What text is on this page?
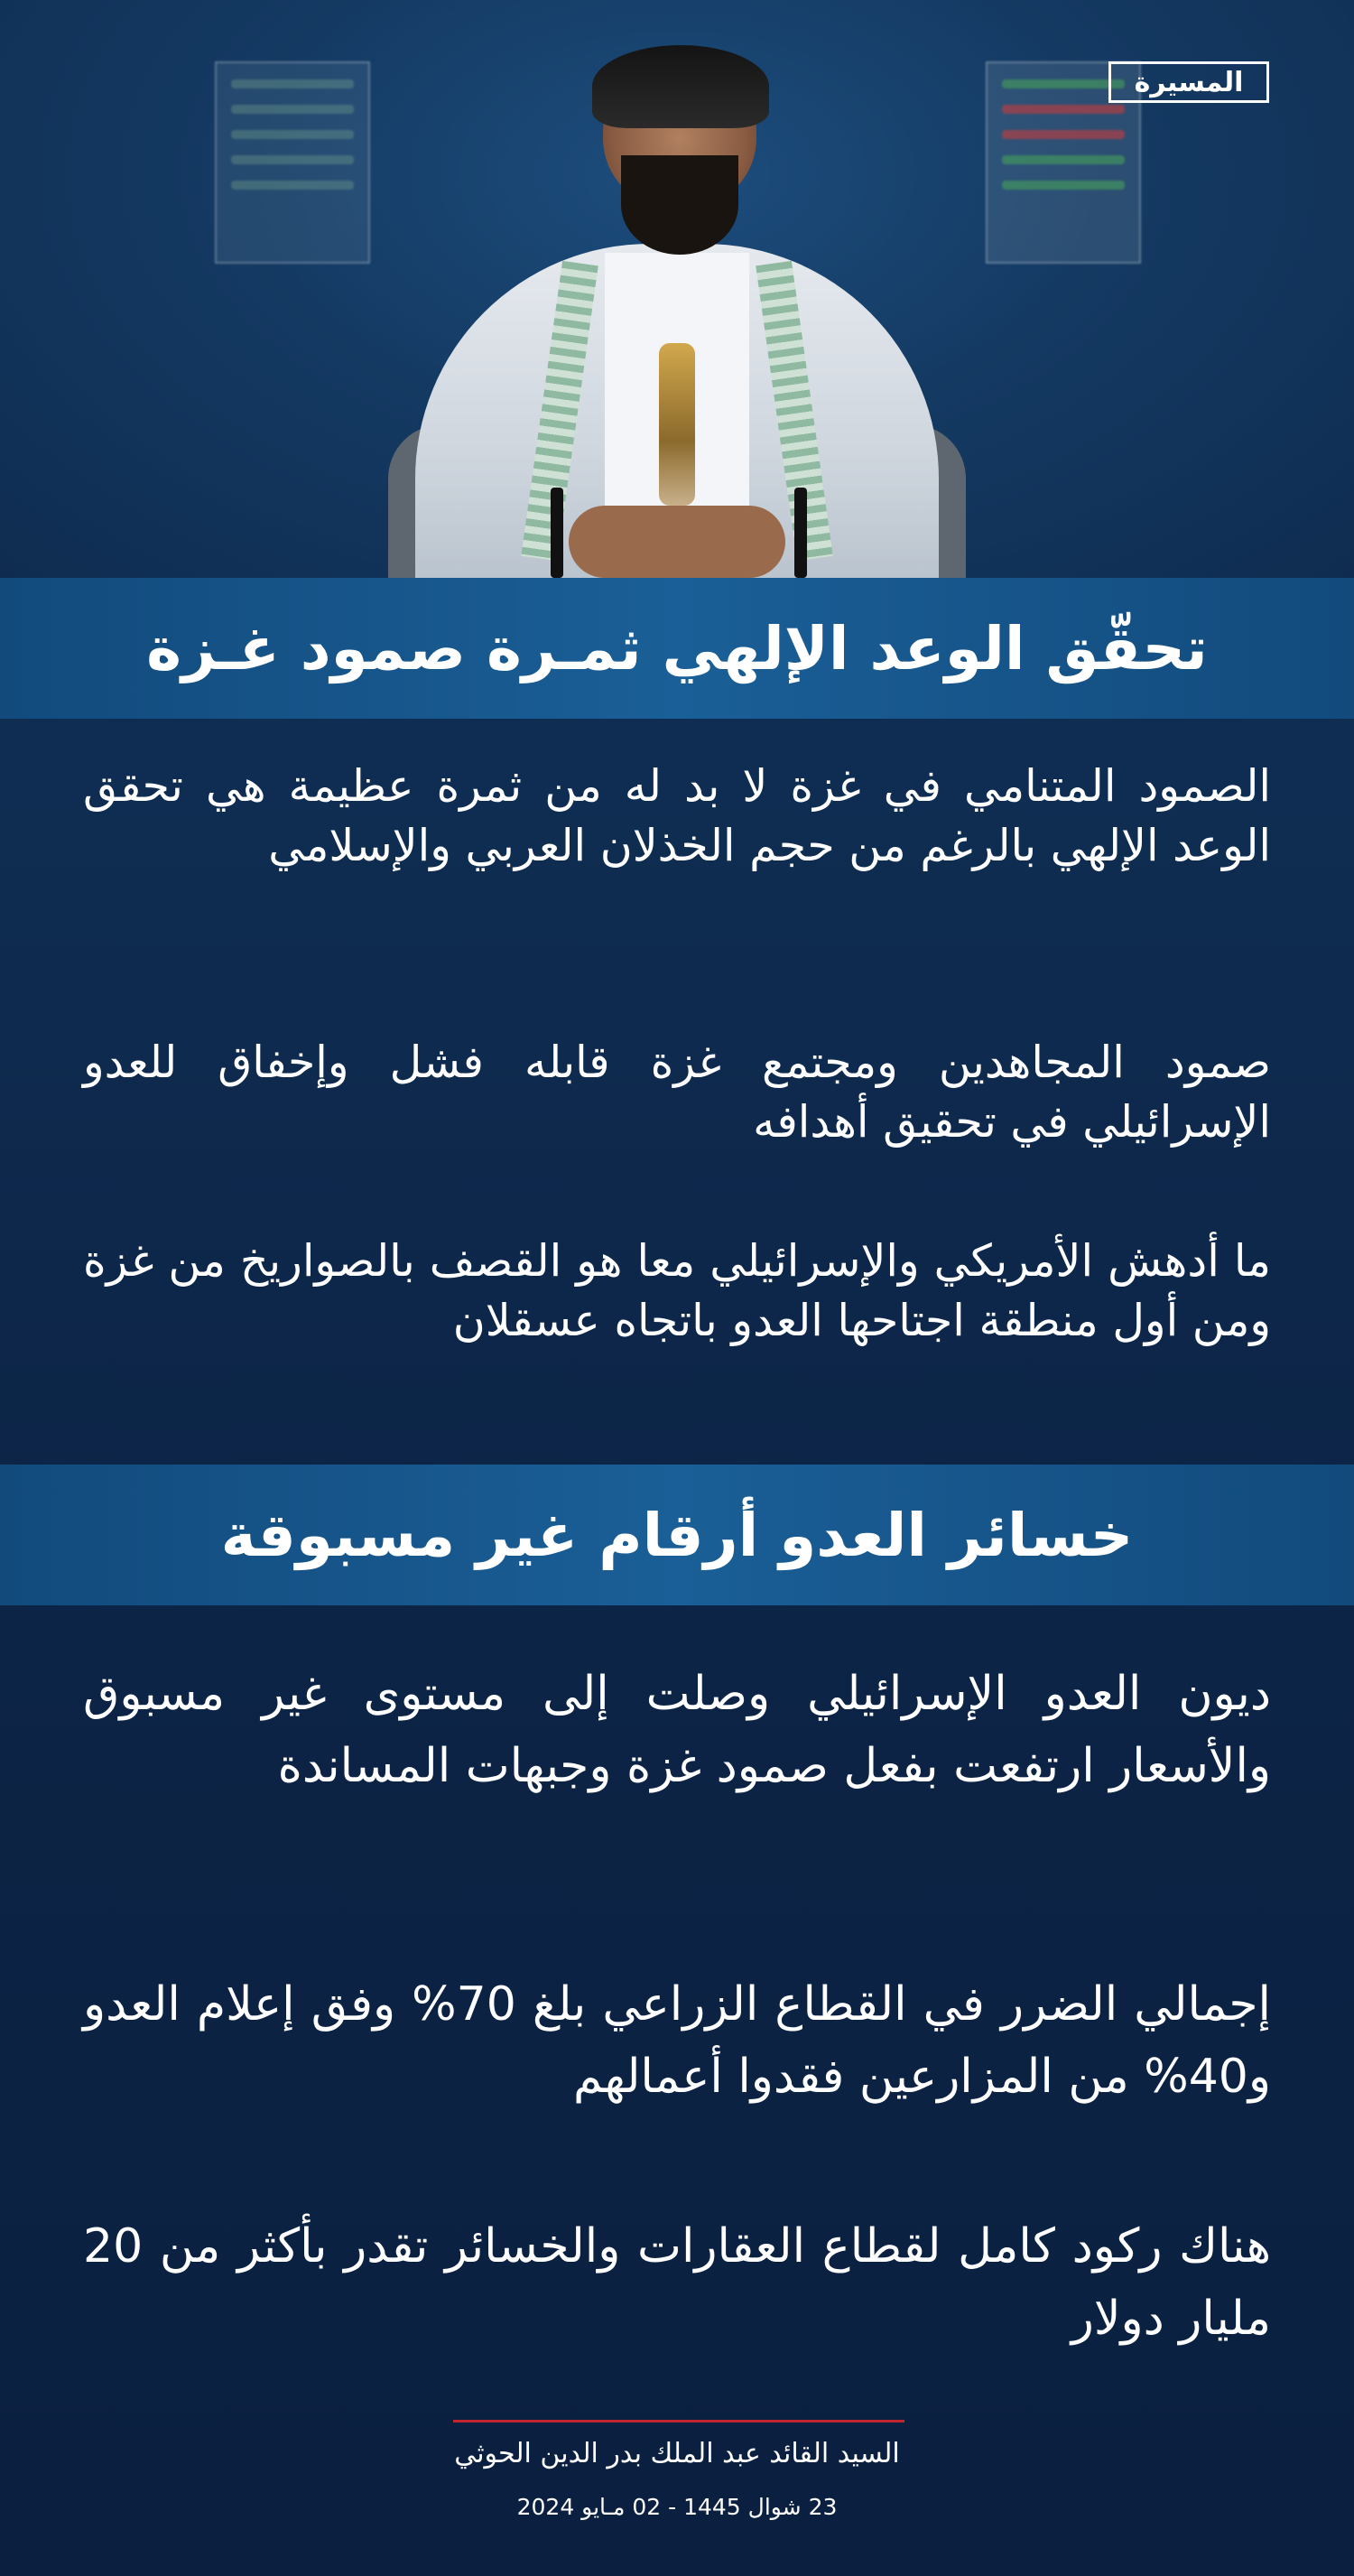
المسيرة
تحقّق الوعد الإلهي ثمـرة صمود غـزة
الصمود المتنامي في غزة لا بد له من ثمرة عظيمة هي تحقق الوعد الإلهي بالرغم من حجم الخذلان العربي والإسلامي
صمود المجاهدين ومجتمع غزة قابله فشل وإخفاق للعدو الإسرائيلي في تحقيق أهدافه
ما أدهش الأمريكي والإسرائيلي معا هو القصف بالصواريخ من غزة ومن أول منطقة اجتاحها العدو باتجاه عسقلان
خسائر العدو أرقام غير مسبوقة
ديون العدو الإسرائيلي وصلت إلى مستوى غير مسبوق والأسعار ارتفعت بفعل صمود غزة وجبهات المساندة
إجمالي الضرر في القطاع الزراعي بلغ 70% وفق إعلام العدو و40% من المزارعين فقدوا أعمالهم
هناك ركود كامل لقطاع العقارات والخسائر تقدر بأكثر من 20 مليار دولار
السيد القائد عبد الملك بدر الدين الحوثي
23 شوال 1445 - 02 مـايو 2024
